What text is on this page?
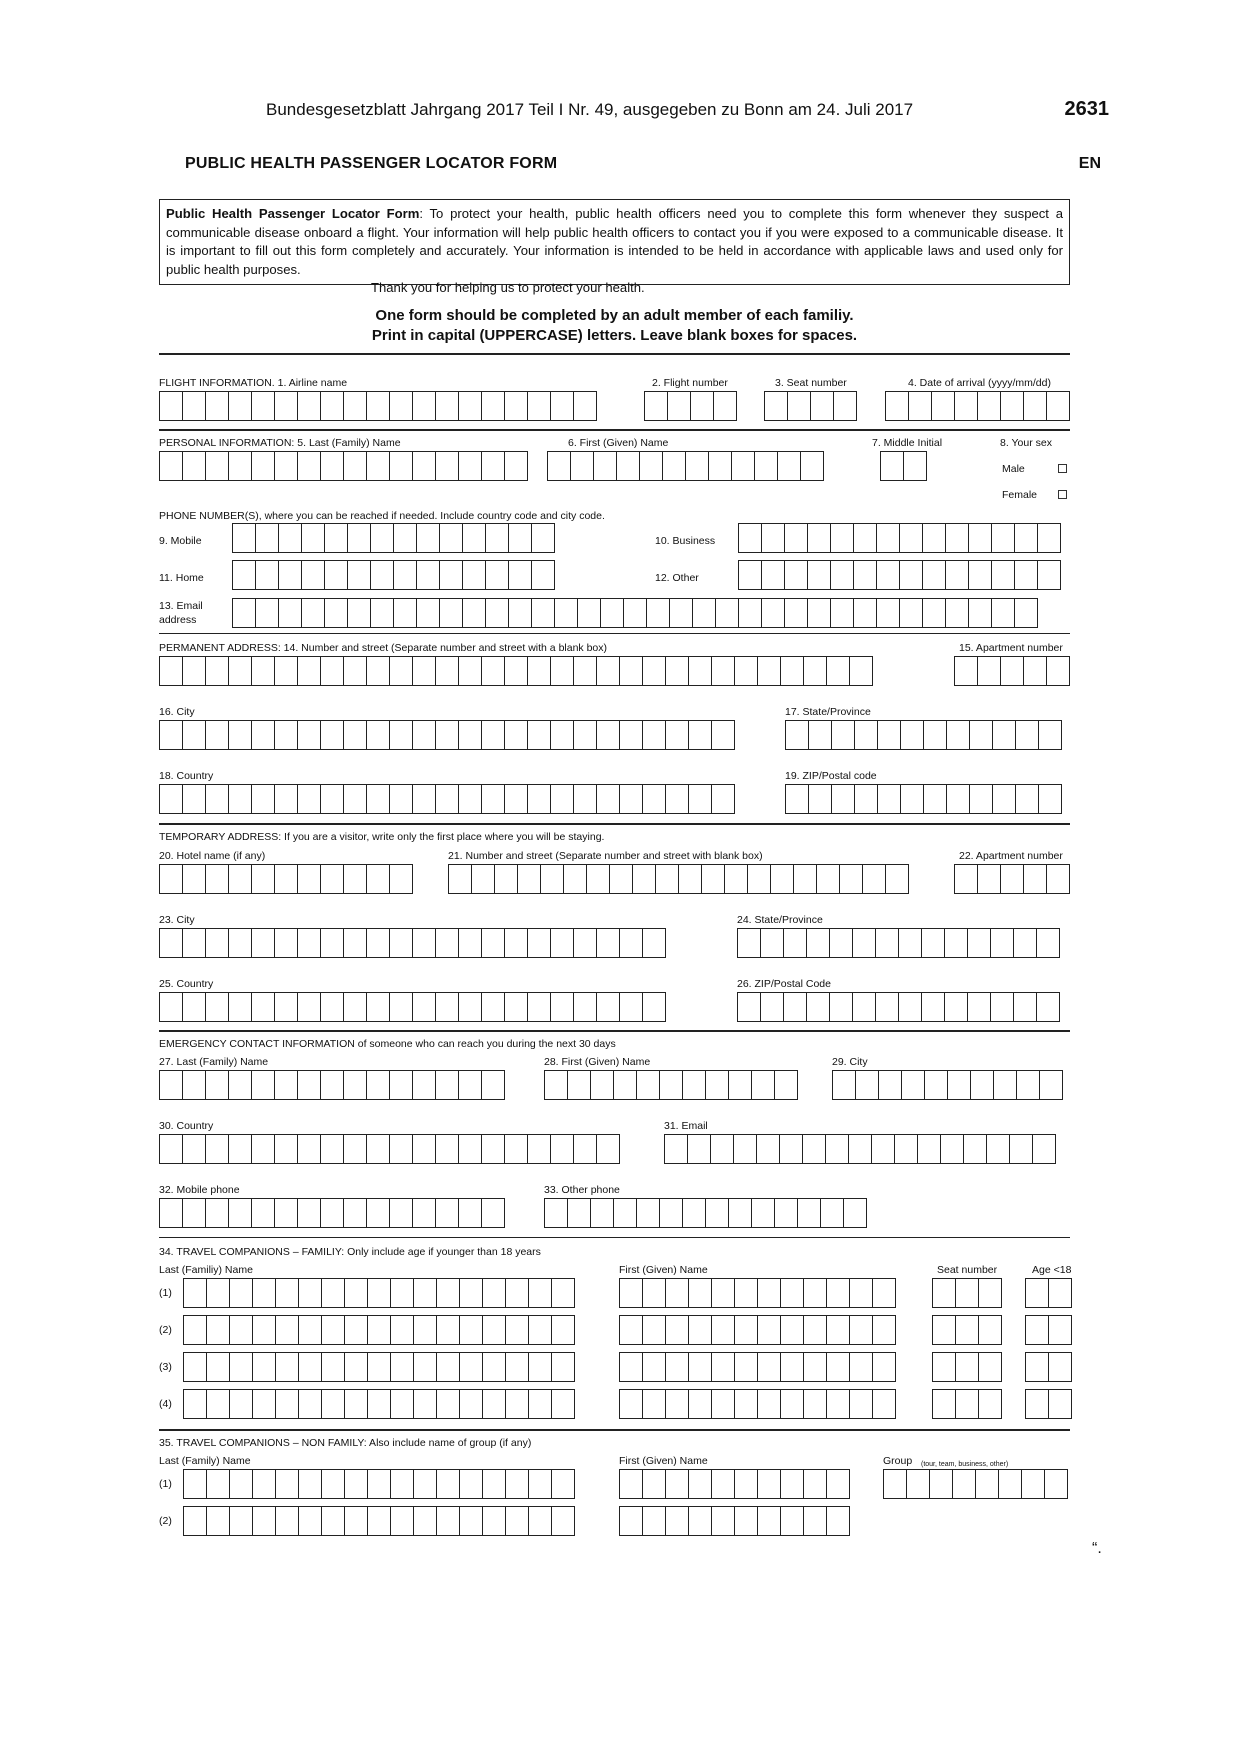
Bundesgesetzblatt Jahrgang 2017 Teil I Nr. 49, ausgegeben zu Bonn am 24. Juli 2017	2631
PUBLIC HEALTH PASSENGER LOCATOR FORM	EN
Public Health Passenger Locator Form: To protect your health, public health officers need you to complete this form whenever they suspect a communicable disease onboard a flight. Your information will help public health officers to contact you if you were exposed to a communicable disease. It is important to fill out this form completely and accurately. Your information is intended to be held in accordance with applicable laws and used only for public health purposes.
Thank you for helping us to protect your health.
One form should be completed by an adult member of each familiy.
Print in capital (UPPERCASE) letters. Leave blank boxes for spaces.
FLIGHT INFORMATION. 1. Airline name	2. Flight number	3. Seat number	4. Date of arrival (yyyy/mm/dd)
PERSONAL INFORMATION: 5. Last (Family) Name	6. First (Given) Name	7. Middle Initial	8. Your sex
Male
Female
PHONE NUMBER(S), where you can be reached if needed. Include country code and city code.
9. Mobile	10. Business
11. Home	12. Other
13. Email
address
PERMANENT ADDRESS: 14. Number and street (Separate number and street with a blank box)	15. Apartment number
16. City	17. State/Province
18. Country	19. ZIP/Postal code
TEMPORARY ADDRESS: If you are a visitor, write only the first place where you will be staying.
20. Hotel name (if any)	21. Number and street (Separate number and street with blank box)	22. Apartment number
23. City	24. State/Province
25. Country	26. ZIP/Postal Code
EMERGENCY CONTACT INFORMATION of someone who can reach you during the next 30 days
27. Last (Family) Name	28. First (Given) Name	29. City
30. Country	31. Email
32. Mobile phone	33. Other phone
34. TRAVEL COMPANIONS – FAMILIY: Only include age if younger than 18 years
Last (Familiy) Name	First (Given) Name	Seat number	Age <18
(1)
(2)
(3)
(4)
35. TRAVEL COMPANIONS – NON FAMILY: Also include name of group (if any)
Last (Family) Name	First (Given) Name	Group (tour, team, business, other)
(1)
(2)
“.
